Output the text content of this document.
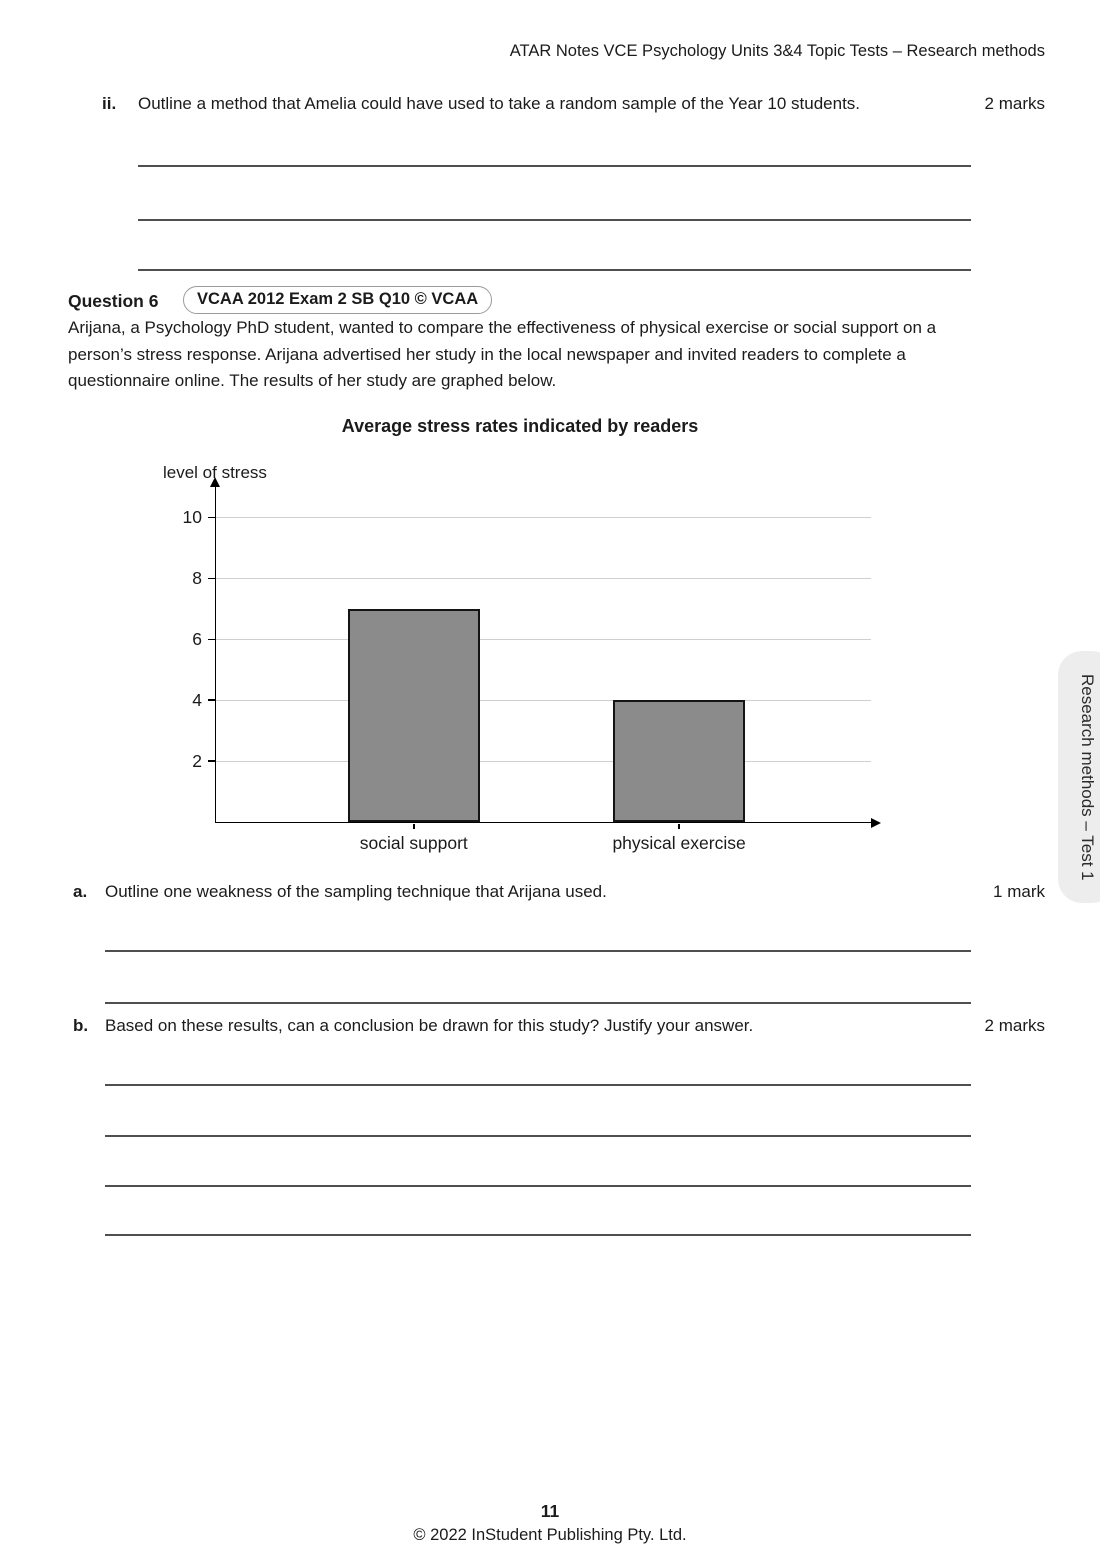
ATAR Notes VCE Psychology Units 3&4 Topic Tests – Research methods
ii. Outline a method that Amelia could have used to take a random sample of the Year 10 students.	2 marks
Question 6	VCAA 2012 Exam 2 SB Q10 © VCAA
Arijana, a Psychology PhD student, wanted to compare the effectiveness of physical exercise or social support on a person’s stress response. Arijana advertised her study in the local newspaper and invited readers to complete a questionnaire online. The results of her study are graphed below.
Average stress rates indicated by readers
level of stress
2
4
6
8
10
social support	physical exercise
a. Outline one weakness of the sampling technique that Arijana used.	1 mark
b. Based on these results, can a conclusion be drawn for this study? Justify your answer.	2 marks
Research methods – Test 1
11
© 2022 InStudent Publishing Pty. Ltd.
